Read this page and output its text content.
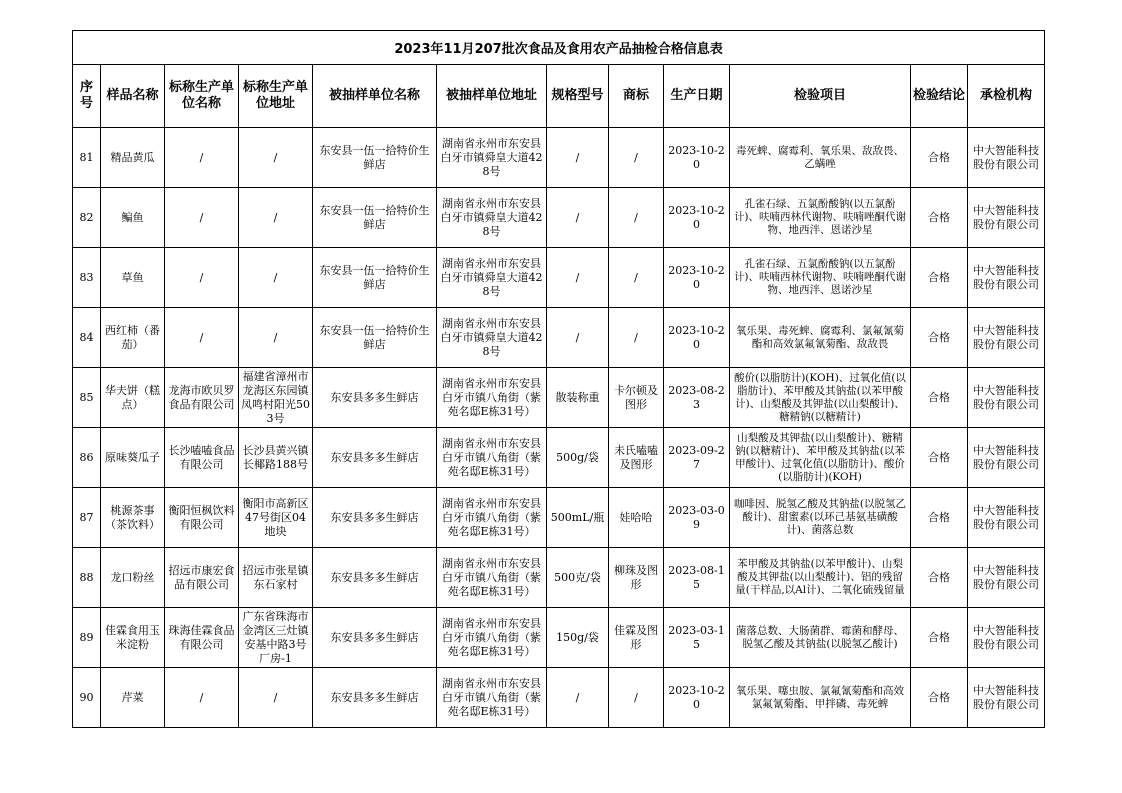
2023年11月207批次食品及食用农产品抽检合格信息表											
序号	样品名称	标称生产单位名称	标称生产单位地址	被抽样单位名称	被抽样单位地址	规格型号	商标	生产日期	检验项目	检验结论	承检机构
81	精品黄瓜	/	/	东安县一伍一拾特价生鲜店	湖南省永州市东安县白牙市镇舜皇大道428号	/	/	2023-10-20	毒死蜱、腐霉利、氧乐果、敌敌畏、乙螨唑	合格	中大智能科技股份有限公司
82	鳊鱼	/	/	东安县一伍一拾特价生鲜店	湖南省永州市东安县白牙市镇舜皇大道428号	/	/	2023-10-20	孔雀石绿、五氯酚酸钠(以五氯酚计)、呋喃西林代谢物、呋喃唑酮代谢物、地西泮、恩诺沙星	合格	中大智能科技股份有限公司
83	草鱼	/	/	东安县一伍一拾特价生鲜店	湖南省永州市东安县白牙市镇舜皇大道428号	/	/	2023-10-20	孔雀石绿、五氯酚酸钠(以五氯酚计)、呋喃西林代谢物、呋喃唑酮代谢物、地西泮、恩诺沙星	合格	中大智能科技股份有限公司
84	西红柿（番茄）	/	/	东安县一伍一拾特价生鲜店	湖南省永州市东安县白牙市镇舜皇大道428号	/	/	2023-10-20	氧乐果、毒死蜱、腐霉利、氯氟氰菊酯和高效氯氟氰菊酯、敌敌畏	合格	中大智能科技股份有限公司
85	华夫饼（糕点）	龙海市欧贝罗食品有限公司	福建省漳州市龙海区东园镇凤鸣村阳光503号	东安县多多生鲜店	湖南省永州市东安县白牙市镇八角街（紫苑名邸E栋31号）	散装称重	卡尔顿及图形	2023-08-23	酸价(以脂肪计)(KOH)、过氧化值(以脂肪计)、苯甲酸及其钠盐(以苯甲酸计)、山梨酸及其钾盐(以山梨酸计)、糖精钠(以糖精计)	合格	中大智能科技股份有限公司
86	原味葵瓜子	长沙嗑嗑食品有限公司	长沙县黄兴镇长椰路188号	东安县多多生鲜店	湖南省永州市东安县白牙市镇八角街（紫苑名邸E栋31号）	500g/袋	未氏嗑嗑及图形	2023-09-27	山梨酸及其钾盐(以山梨酸计)、糖精钠(以糖精计)、苯甲酸及其钠盐(以苯甲酸计)、过氧化值(以脂肪计)、酸价(以脂肪计)(KOH)	合格	中大智能科技股份有限公司
87	桃源茶事（茶饮料）	衡阳恒枫饮料有限公司	衡阳市高新区47号街区04地块	东安县多多生鲜店	湖南省永州市东安县白牙市镇八角街（紫苑名邸E栋31号）	500mL/瓶	娃哈哈	2023-03-09	咖啡因、脱氢乙酸及其钠盐(以脱氢乙酸计)、甜蜜素(以环己基氨基磺酸计)、菌落总数	合格	中大智能科技股份有限公司
88	龙口粉丝	招远市康宏食品有限公司	招远市张星镇东石家村	东安县多多生鲜店	湖南省永州市东安县白牙市镇八角街（紫苑名邸E栋31号）	500克/袋	柳珠及图形	2023-08-15	苯甲酸及其钠盐(以苯甲酸计)、山梨酸及其钾盐(以山梨酸计)、铝的残留量(干样品,以Al计)、二氧化硫残留量	合格	中大智能科技股份有限公司
89	佳霖食用玉米淀粉	珠海佳霖食品有限公司	广东省珠海市金湾区三灶镇安基中路3号厂房-1	东安县多多生鲜店	湖南省永州市东安县白牙市镇八角街（紫苑名邸E栋31号）	150g/袋	佳霖及图形	2023-03-15	菌落总数、大肠菌群、霉菌和酵母、脱氢乙酸及其钠盐(以脱氢乙酸计)	合格	中大智能科技股份有限公司
90	芹菜	/	/	东安县多多生鲜店	湖南省永州市东安县白牙市镇八角街（紫苑名邸E栋31号）	/	/	2023-10-20	氧乐果、噻虫胺、氯氟氰菊酯和高效氯氟氰菊酯、甲拌磷、毒死蜱	合格	中大智能科技股份有限公司
